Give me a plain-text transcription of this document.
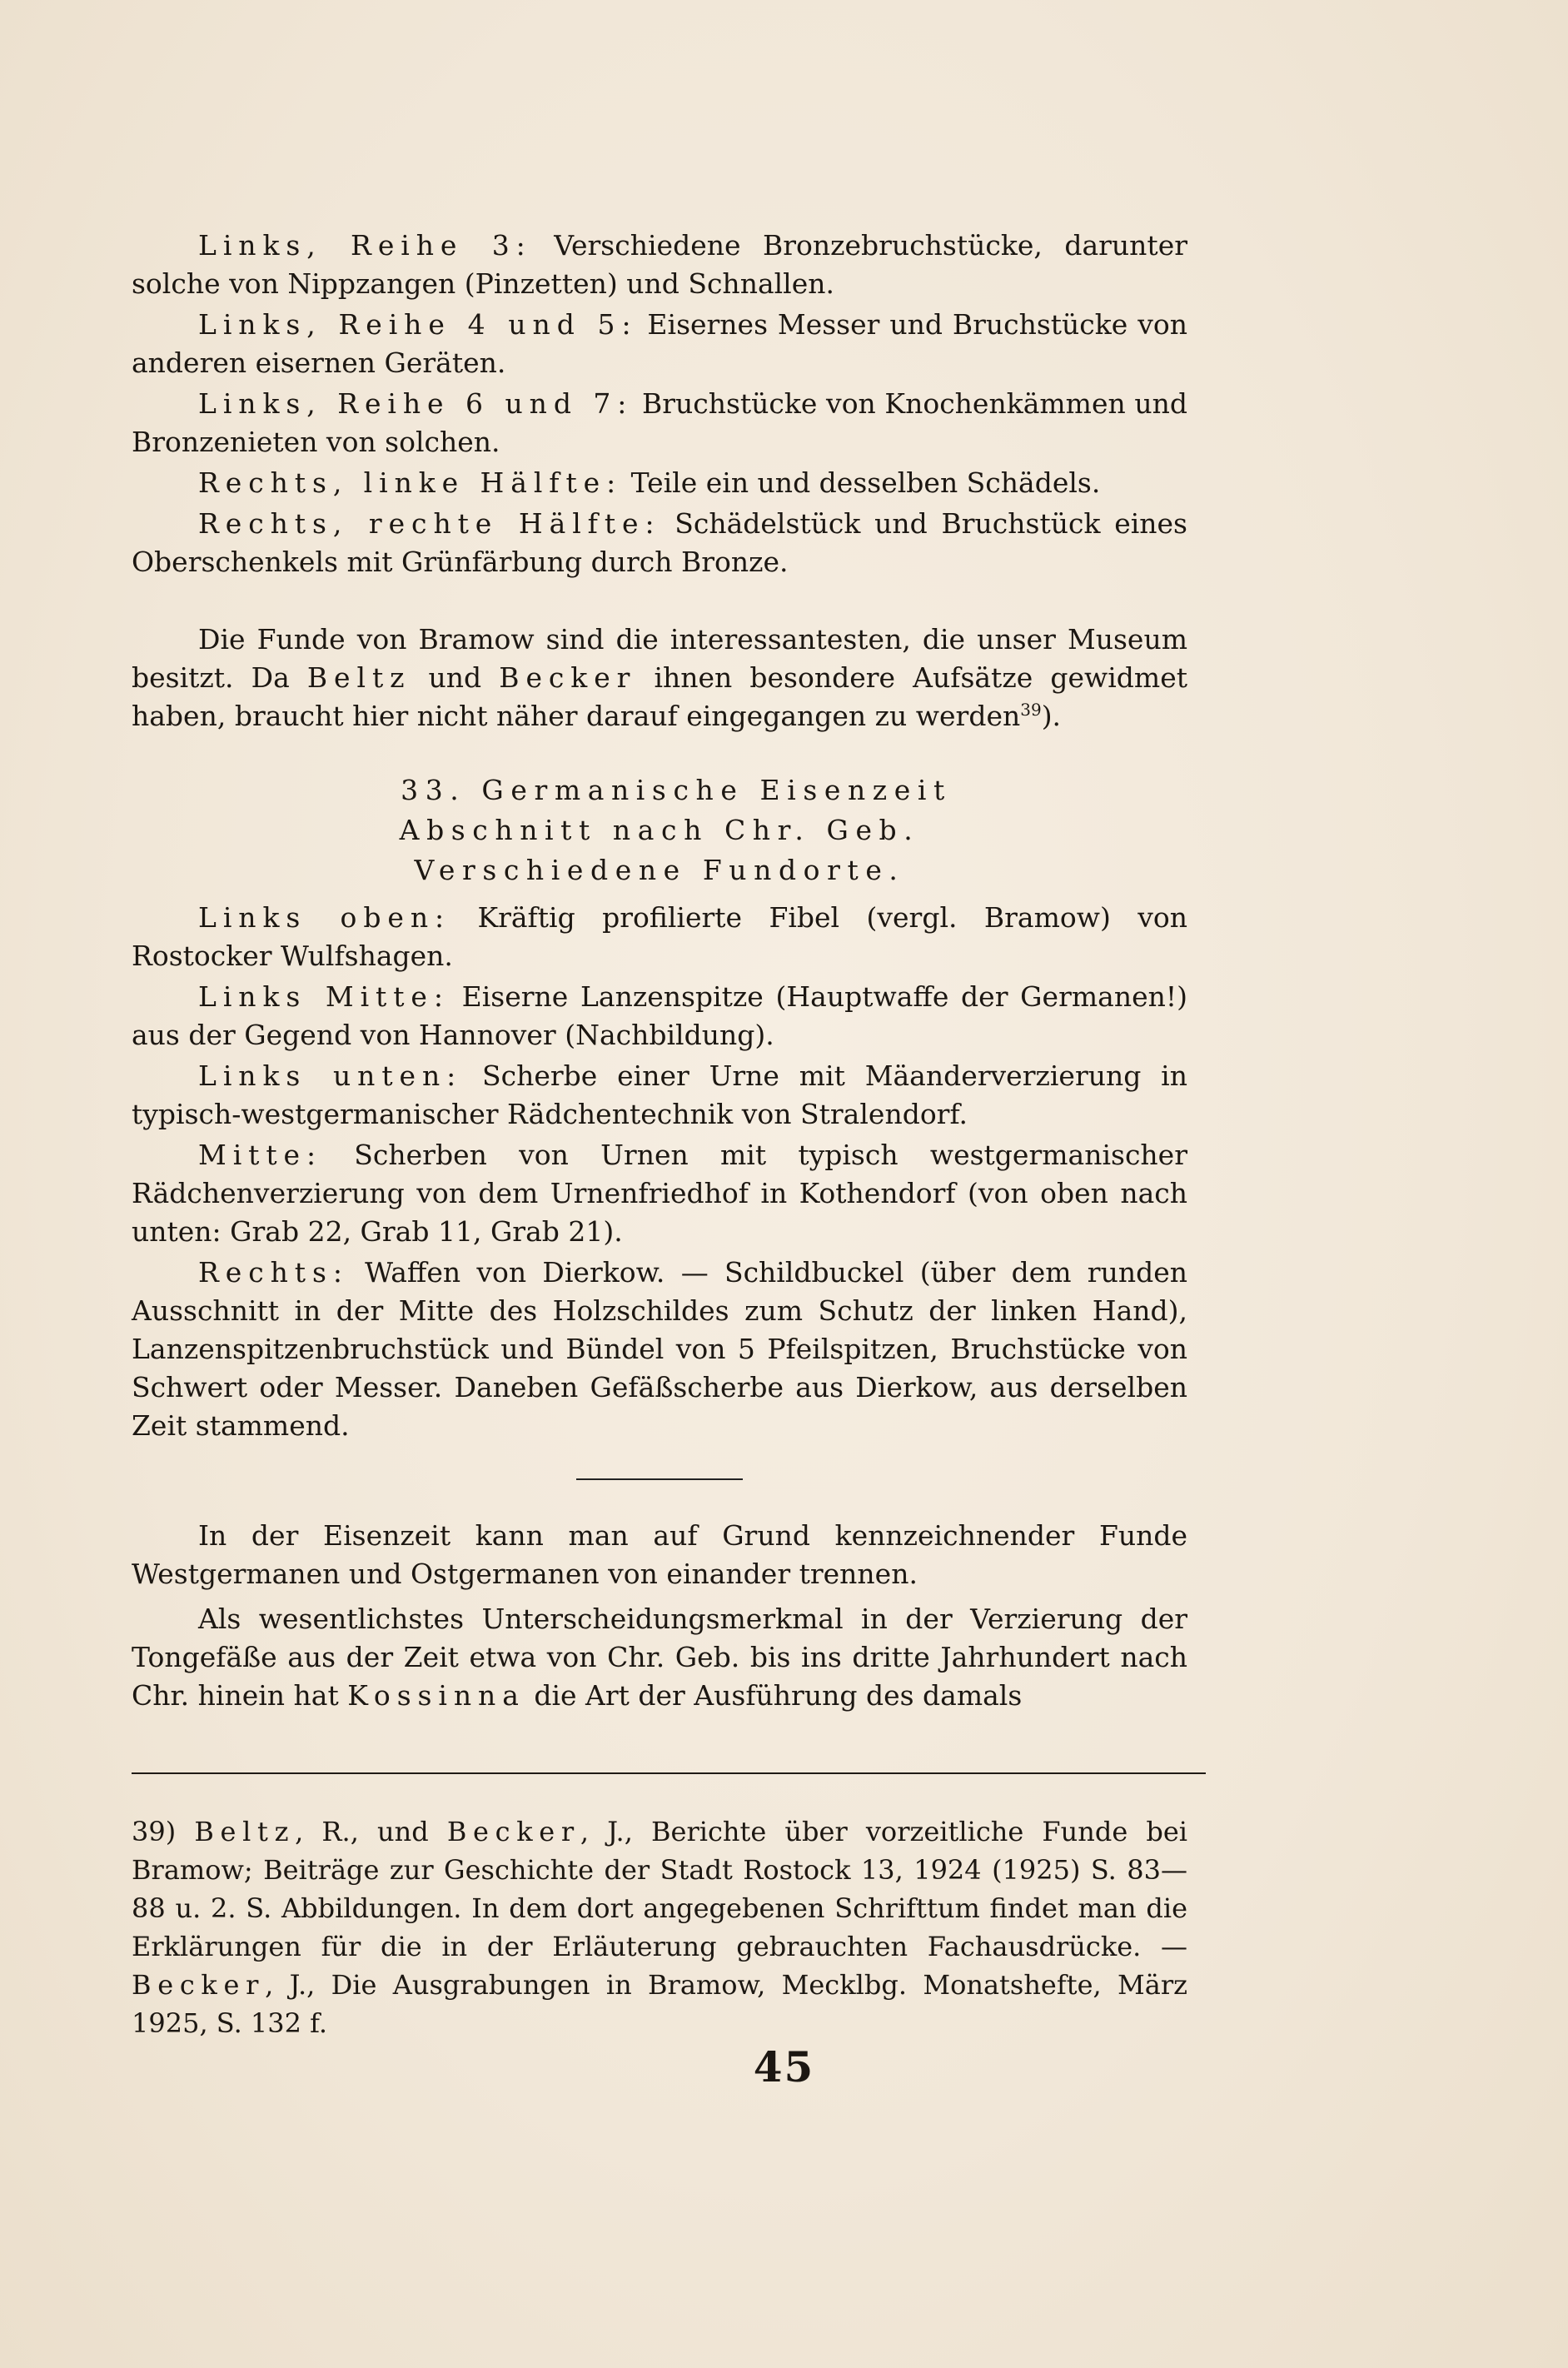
Links, Reihe 3: Verschiedene Bronzebruchstücke, darunter solche von Nippzangen (Pinzetten) und Schnallen.

Links, Reihe 4 und 5: Eisernes Messer und Bruchstücke von anderen eisernen Geräten.

Links, Reihe 6 und 7: Bruchstücke von Knochenkämmen und Bronzenieten von solchen.

Rechts, linke Hälfte: Teile ein und desselben Schädels.

Rechts, rechte Hälfte: Schädelstück und Bruchstück eines Oberschenkels mit Grünfärbung durch Bronze.

Die Funde von Bramow sind die interessantesten, die unser Museum besitzt. Da Beltz und Becker ihnen besondere Aufsätze gewidmet haben, braucht hier nicht näher darauf eingegangen zu werden$^{39}$).

33. Germanische Eisenzeit

Abschnitt nach Chr. Geb.

Verschiedene Fundorte.

Links oben: Kräftig profilierte Fibel (vergl. Bramow) von Rostocker Wulfshagen.

Links Mitte: Eiserne Lanzenspitze (Hauptwaffe der Germanen!) aus der Gegend von Hannover (Nachbildung).

Links unten: Scherbe einer Urne mit Mäanderverzierung in typisch-westgermanischer Rädchentechnik von Stralendorf.

Mitte: Scherben von Urnen mit typisch westgermanischer Rädchenverzierung von dem Urnenfriedhof in Kothendorf (von oben nach unten: Grab 22, Grab 11, Grab 21).

Rechts: Waffen von Dierkow. — Schildbuckel (über dem runden Ausschnitt in der Mitte des Holzschildes zum Schutz der linken Hand), Lanzenspitzenbruchstück und Bündel von 5 Pfeilspitzen, Bruchstücke von Schwert oder Messer. Daneben Gefäßscherbe aus Dierkow, aus derselben Zeit stammend.

In der Eisenzeit kann man auf Grund kennzeichnender Funde Westgermanen und Ostgermanen von einander trennen.

Als wesentlichstes Unterscheidungsmerkmal in der Verzierung der Tongefäße aus der Zeit etwa von Chr. Geb. bis ins dritte Jahrhundert nach Chr. hinein hat Kossinna die Art der Ausführung des damals

39) Beltz, R., und Becker, J., Berichte über vorzeitliche Funde bei Bramow; Beiträge zur Geschichte der Stadt Rostock 13, 1924 (1925) S. 83—88 u. 2. S. Abbildungen. In dem dort angegebenen Schrifttum findet man die Erklärungen für die in der Erläuterung gebrauchten Fachausdrücke. — Becker, J., Die Ausgrabungen in Bramow, Mecklbg. Monatshefte, März 1925, S. 132 f.

45
